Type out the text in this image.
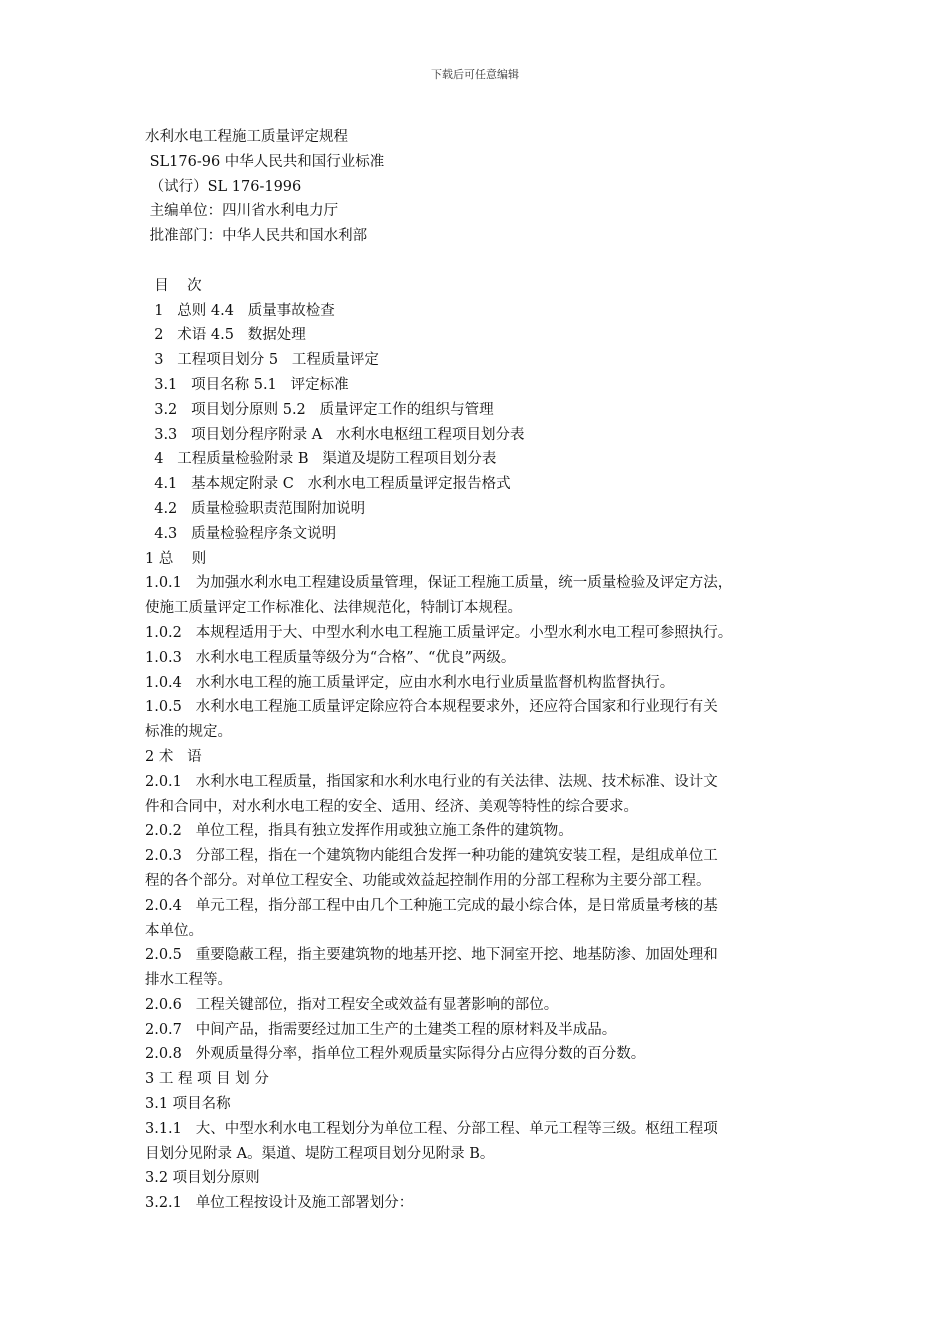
下载后可任意编辑
水利水电工程施工质量评定规程
SL176-96 中华人民共和国行业标准
（试行）SL 176-1996
主编单位：四川省水利电力厅
批准部门：中华人民共和国水利部
目    次
1   总则 4.4   质量事故检查
2   术语 4.5   数据处理
3   工程项目划分 5   工程质量评定
3.1   项目名称 5.1   评定标准
3.2   项目划分原则 5.2   质量评定工作的组织与管理
3.3   项目划分程序附录 A   水利水电枢纽工程项目划分表
4   工程质量检验附录 B   渠道及堤防工程项目划分表
4.1   基本规定附录 C   水利水电工程质量评定报告格式
4.2   质量检验职责范围附加说明
4.3   质量检验程序条文说明
1 总    则
1.0.1   为加强水利水电工程建设质量管理，保证工程施工质量，统一质量检验及评定方法，
使施工质量评定工作标准化、法律规范化，特制订本规程。
1.0.2   本规程适用于大、中型水利水电工程施工质量评定。小型水利水电工程可参照执行。
1.0.3   水利水电工程质量等级分为“合格”、“优良”两级。
1.0.4   水利水电工程的施工质量评定，应由水利水电行业质量监督机构监督执行。
1.0.5   水利水电工程施工质量评定除应符合本规程要求外，还应符合国家和行业现行有关
标准的规定。
2 术   语
2.0.1   水利水电工程质量，指国家和水利水电行业的有关法律、法规、技术标准、设计文
件和合同中，对水利水电工程的安全、适用、经济、美观等特性的综合要求。
2.0.2   单位工程，指具有独立发挥作用或独立施工条件的建筑物。
2.0.3   分部工程，指在一个建筑物内能组合发挥一种功能的建筑安装工程，是组成单位工
程的各个部分。对单位工程安全、功能或效益起控制作用的分部工程称为主要分部工程。
2.0.4   单元工程，指分部工程中由几个工种施工完成的最小综合体，是日常质量考核的基
本单位。
2.0.5   重要隐蔽工程，指主要建筑物的地基开挖、地下洞室开挖、地基防渗、加固处理和
排水工程等。
2.0.6   工程关键部位，指对工程安全或效益有显著影响的部位。
2.0.7   中间产品，指需要经过加工生产的土建类工程的原材料及半成品。
2.0.8   外观质量得分率，指单位工程外观质量实际得分占应得分数的百分数。
3 工 程 项 目 划 分
3.1 项目名称
3.1.1   大、中型水利水电工程划分为单位工程、分部工程、单元工程等三级。枢纽工程项
目划分见附录 A。渠道、堤防工程项目划分见附录 B。
3.2 项目划分原则
3.2.1   单位工程按设计及施工部署划分：
